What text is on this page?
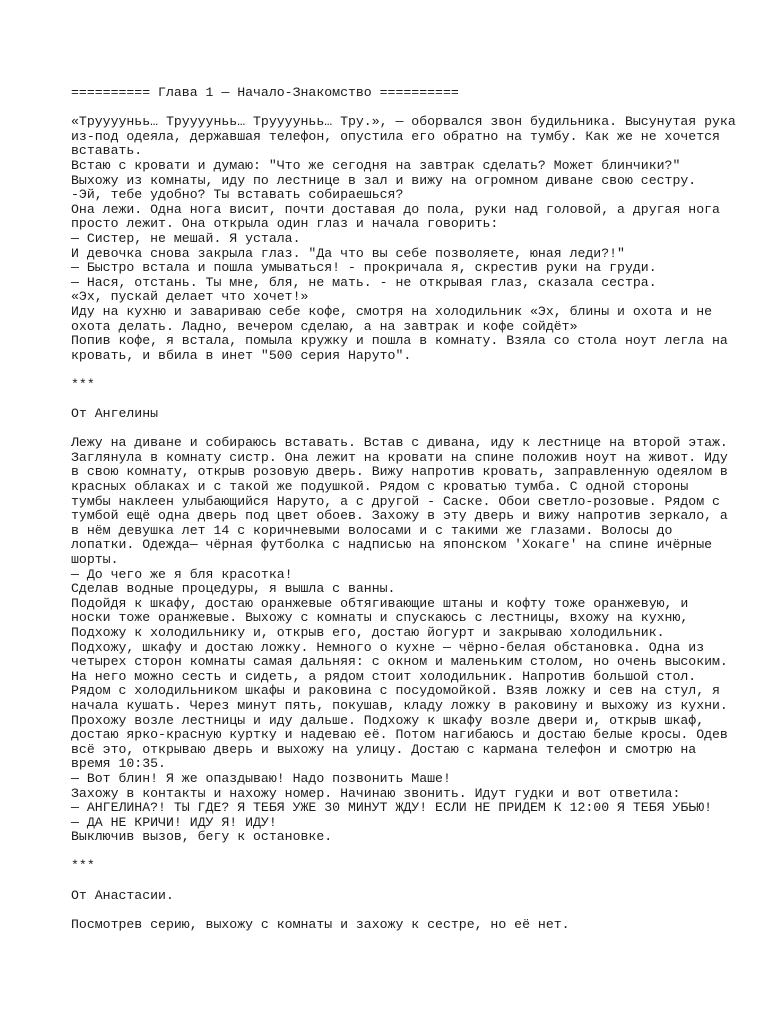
========== Глава 1 — Начало-Знакомство ==========
«Трууууньь… Трууууньь… Трууууньь… Тру.», — оборвался звон будильника. Высунутая рука
из-под одеяла, державшая телефон, опустила его обратно на тумбу. Как же не хочется
вставать.
Встаю с кровати и думаю: "Что же сегодня на завтрак сделать? Может блинчики?"
Выхожу из комнаты, иду по лестнице в зал и вижу на огромном диване свою сестру.
-Эй, тебе удобно? Ты вставать собираешься?
Она лежи. Одна нога висит, почти доставая до пола, руки над головой, а другая нога
просто лежит. Она открыла один глаз и начала говорить:
— Систер, не мешай. Я устала.
И девочка снова закрыла глаз. "Да что вы себе позволяете, юная леди?!"
— Быстро встала и пошла умываться! - прокричала я, скрестив руки на груди.
— Нася, отстань. Ты мне, бля, не мать. - не открывая глаз, сказала сестра.
«Эх, пускай делает что хочет!»
Иду на кухню и завариваю себе кофе, смотря на холодильник «Эх, блины и охота и не
охота делать. Ладно, вечером сделаю, а на завтрак и кофе сойдёт»
Попив кофе, я встала, помыла кружку и пошла в комнату. Взяла со стола ноут легла на
кровать, и вбила в инет "500 серия Наруто".
***
От Ангелины
Лежу на диване и собираюсь вставать. Встав с дивана, иду к лестнице на второй этаж.
Заглянула в комнату систр. Она лежит на кровати на спине положив ноут на живот. Иду
в свою комнату, открыв розовую дверь. Вижу напротив кровать, заправленную одеялом в
красных облаках и с такой же подушкой. Рядом с кроватью тумба. С одной стороны
тумбы наклеен улыбающийся Наруто, а с другой - Саске. Обои светло-розовые. Рядом с
тумбой ещё одна дверь под цвет обоев. Захожу в эту дверь и вижу напротив зеркало, а
в нём девушка лет 14 с коричневыми волосами и с такими же глазами. Волосы до
лопатки. Одежда— чёрная футболка с надписью на японском 'Хокаге' на спине ичёрные
шорты.
— До чего же я бля красотка!
Сделав водные процедуры, я вышла с ванны.
Подойдя к шкафу, достаю оранжевые обтягивающие штаны и кофту тоже оранжевую, и
носки тоже оранжевые. Выхожу с комнаты и спускаюсь с лестницы, вхожу на кухню,
Подхожу к холодильнику и, открыв его, достаю йогурт и закрываю холодильник.
Подхожу, шкафу и достаю ложку. Немного о кухне — чёрно-белая обстановка. Одна из
четырех сторон комнаты самая дальняя: с окном и маленьким столом, но очень высоким.
На него можно сесть и сидеть, а рядом стоит холодильник. Напротив большой стол.
Рядом с холодильником шкафы и раковина с посудомойкой. Взяв ложку и сев на стул, я
начала кушать. Через минут пять, покушав, кладу ложку в раковину и выхожу из кухни.
Прохожу возле лестницы и иду дальше. Подхожу к шкафу возле двери и, открыв шкаф,
достаю ярко-красную куртку и надеваю её. Потом нагибаюсь и достаю белые кросы. Одев
всё это, открываю дверь и выхожу на улицу. Достаю с кармана телефон и смотрю на
время 10:35.
— Вот блин! Я же опаздываю! Надо позвонить Маше!
Захожу в контакты и нахожу номер. Начинаю звонить. Идут гудки и вот ответила:
— АНГЕЛИНА?! ТЫ ГДЕ? Я ТЕБЯ УЖЕ 30 МИНУТ ЖДУ! ЕСЛИ НЕ ПРИДЕМ К 12:00 Я ТЕБЯ УБЬЮ!
— ДА НЕ КРИЧИ! ИДУ Я! ИДУ!
Выключив вызов, бегу к остановке.
***
От Анастасии.
Посмотрев серию, выхожу с комнаты и захожу к сестре, но её нет.
